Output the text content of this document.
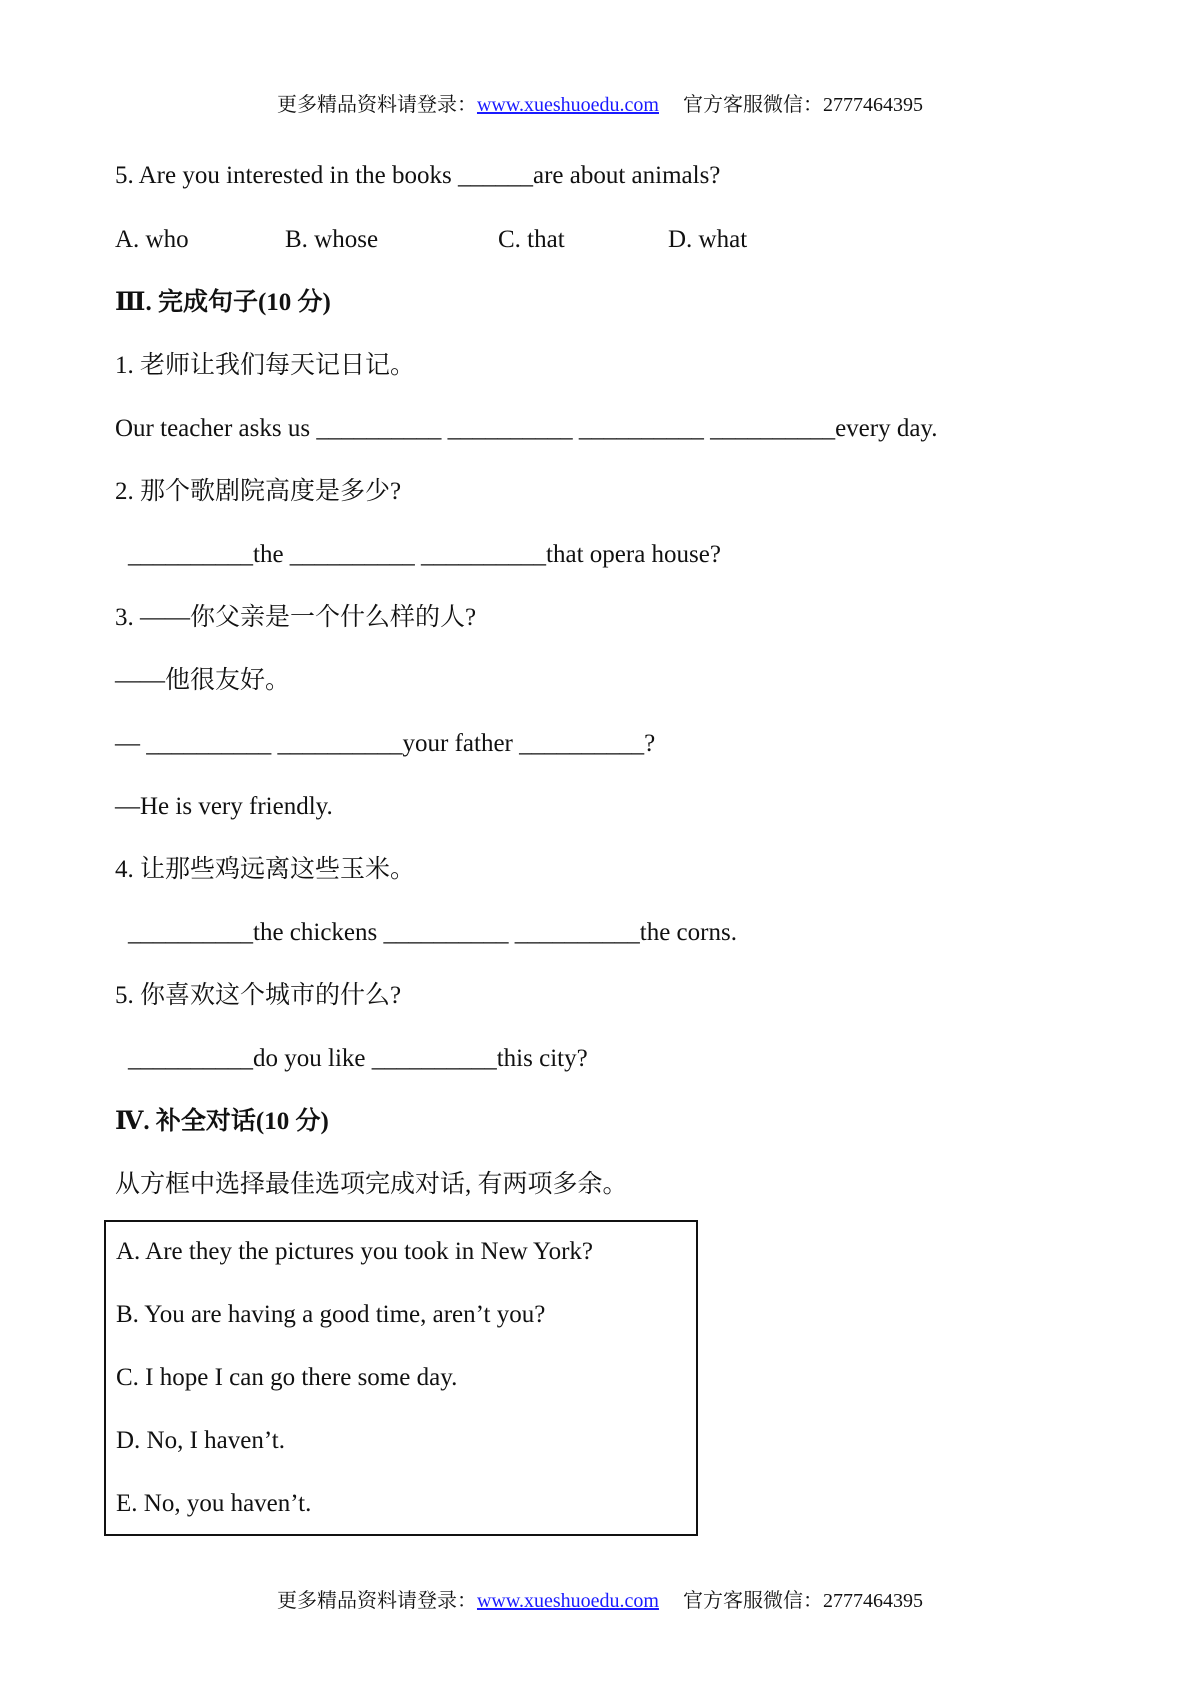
更多精品资料请登录：www.xueshuoedu.com 官方客服微信：2777464395
5. Are you interested in the books ______are about animals?
A. who	B. whose	C. that	D. what
Ⅲ. 完成句子(10 分)
1. 老师让我们每天记日记。
Our teacher asks us __________ __________ __________ __________every day.
2. 那个歌剧院高度是多少?
__________the __________ __________that opera house?
3. ——你父亲是一个什么样的人?
——他很友好。
— __________ __________your father __________?
—He is very friendly.
4. 让那些鸡远离这些玉米。
__________the chickens __________ __________the corns.
5. 你喜欢这个城市的什么?
__________do you like __________this city?
Ⅳ. 补全对话(10 分)
从方框中选择最佳选项完成对话, 有两项多余。
A. Are they the pictures you took in New York?
B. You are having a good time, aren’t you?
C. I hope I can go there some day.
D. No, I haven’t.
E. No, you haven’t.
更多精品资料请登录：www.xueshuoedu.com 官方客服微信：2777464395
